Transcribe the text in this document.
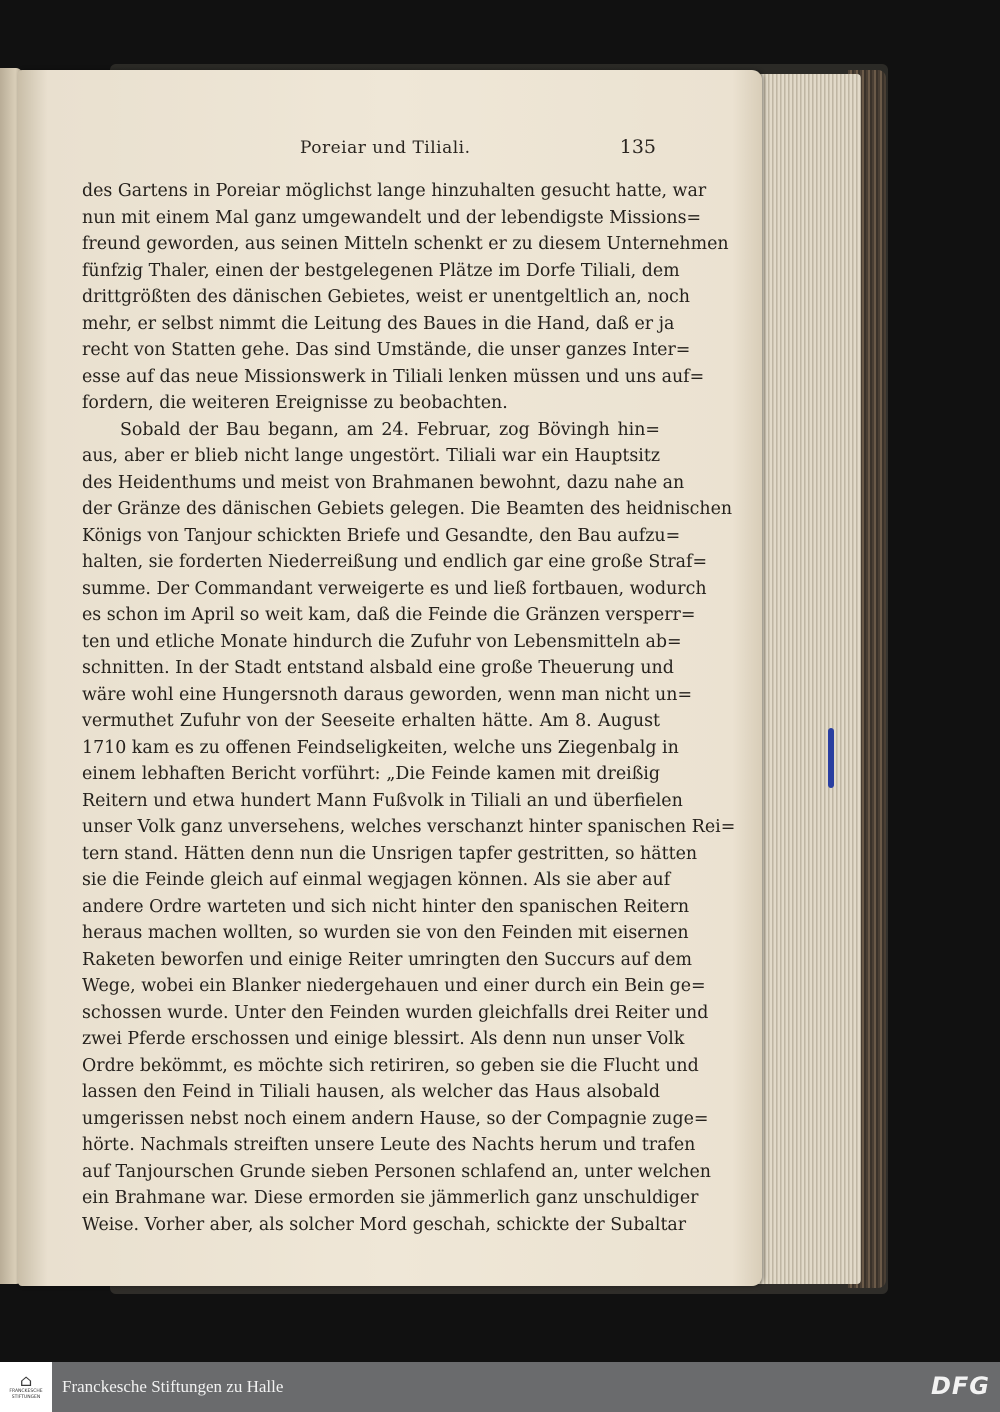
Poreiar und Tiliali.	135
des Gartens in Poreiar möglichst lange hinzuhalten gesucht hatte, war
nun mit einem Mal ganz umgewandelt und der lebendigste Missions=
freund geworden, aus seinen Mitteln schenkt er zu diesem Unternehmen
fünfzig Thaler, einen der bestgelegenen Plätze im Dorfe Tiliali, dem
drittgrößten des dänischen Gebietes, weist er unentgeltlich an, noch
mehr, er selbst nimmt die Leitung des Baues in die Hand, daß er ja
recht von Statten gehe. Das sind Umstände, die unser ganzes Inter=
esse auf das neue Missionswerk in Tiliali lenken müssen und uns auf=
fordern, die weiteren Ereignisse zu beobachten.
Sobald der Bau begann, am 24. Februar, zog Bövingh hin=
aus, aber er blieb nicht lange ungestört. Tiliali war ein Hauptsitz
des Heidenthums und meist von Brahmanen bewohnt, dazu nahe an
der Gränze des dänischen Gebiets gelegen. Die Beamten des heidnischen
Königs von Tanjour schickten Briefe und Gesandte, den Bau aufzu=
halten, sie forderten Niederreißung und endlich gar eine große Straf=
summe. Der Commandant verweigerte es und ließ fortbauen, wodurch
es schon im April so weit kam, daß die Feinde die Gränzen versperr=
ten und etliche Monate hindurch die Zufuhr von Lebensmitteln ab=
schnitten. In der Stadt entstand alsbald eine große Theuerung und
wäre wohl eine Hungersnoth daraus geworden, wenn man nicht un=
vermuthet Zufuhr von der Seeseite erhalten hätte. Am 8. August
1710 kam es zu offenen Feindseligkeiten, welche uns Ziegenbalg in
einem lebhaften Bericht vorführt: „Die Feinde kamen mit dreißig
Reitern und etwa hundert Mann Fußvolk in Tiliali an und überfielen
unser Volk ganz unversehens, welches verschanzt hinter spanischen Rei=
tern stand. Hätten denn nun die Unsrigen tapfer gestritten, so hätten
sie die Feinde gleich auf einmal wegjagen können. Als sie aber auf
andere Ordre warteten und sich nicht hinter den spanischen Reitern
heraus machen wollten, so wurden sie von den Feinden mit eisernen
Raketen beworfen und einige Reiter umringten den Succurs auf dem
Wege, wobei ein Blanker niedergehauen und einer durch ein Bein ge=
schossen wurde. Unter den Feinden wurden gleichfalls drei Reiter und
zwei Pferde erschossen und einige blessirt. Als denn nun unser Volk
Ordre bekömmt, es möchte sich retiriren, so geben sie die Flucht und
lassen den Feind in Tiliali hausen, als welcher das Haus alsobald
umgerissen nebst noch einem andern Hause, so der Compagnie zuge=
hörte. Nachmals streiften unsere Leute des Nachts herum und trafen
auf Tanjourschen Grunde sieben Personen schlafend an, unter welchen
ein Brahmane war. Diese ermorden sie jämmerlich ganz unschuldiger
Weise. Vorher aber, als solcher Mord geschah, schickte der Subaltar
⌂
FRANCKESCHE STIFTUNGEN
Franckesche Stiftungen zu Halle	DFG
